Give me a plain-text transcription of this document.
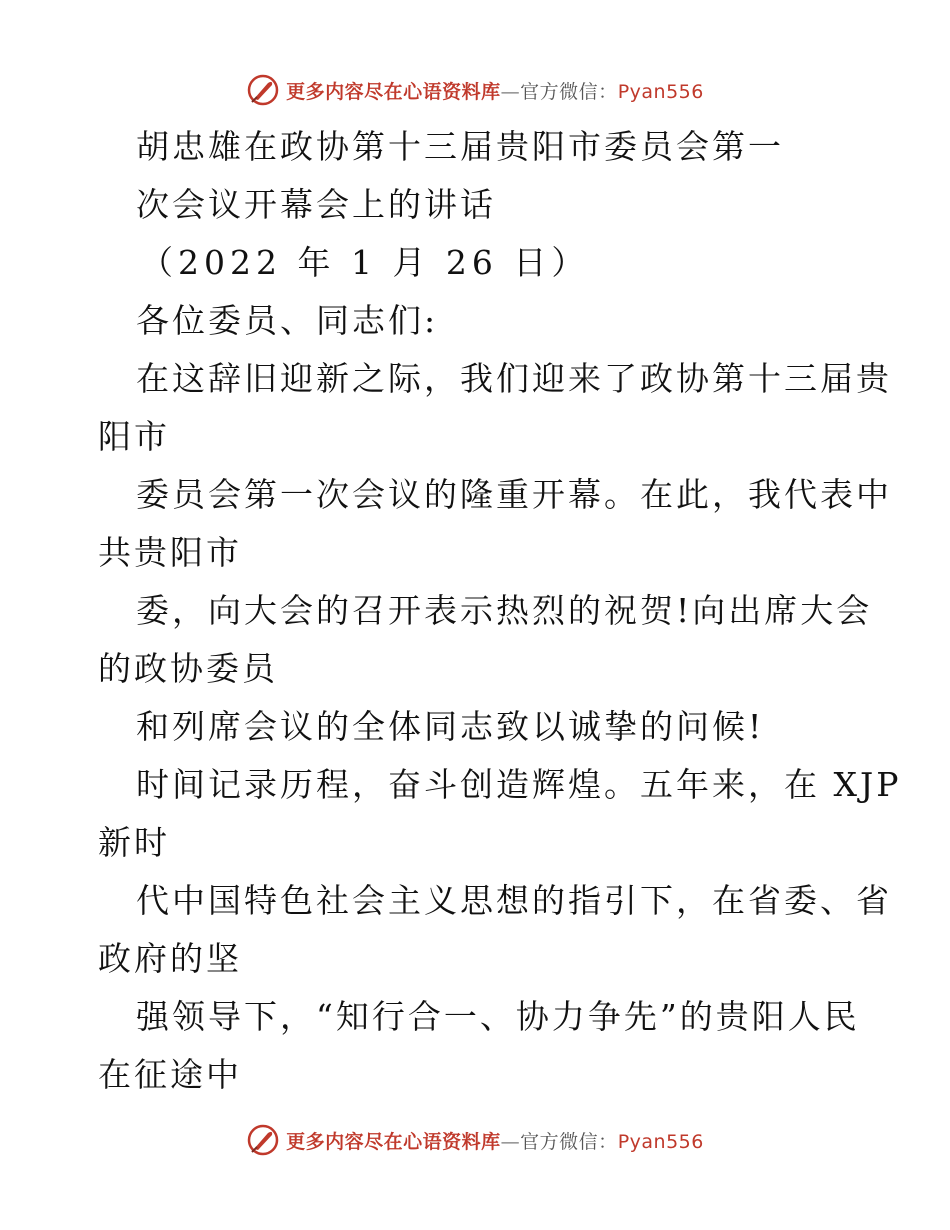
更多内容尽在心语资料库—官方微信：Pyan556
胡忠雄在政协第十三届贵阳市委员会第一
次会议开幕会上的讲话
（2022 年 1 月 26 日）
各位委员、同志们:
在这辞旧迎新之际，我们迎来了政协第十三届贵
阳市
委员会第一次会议的隆重开幕。在此，我代表中
共贵阳市
委，向大会的召开表示热烈的祝贺!向出席大会
的政协委员
和列席会议的全体同志致以诚挚的问候!
时间记录历程，奋斗创造辉煌。五年来，在 XJP
新时
代中国特色社会主义思想的指引下，在省委、省
政府的坚
强领导下，“知行合一、协力争先”的贵阳人民
在征途中
更多内容尽在心语资料库—官方微信：Pyan556
